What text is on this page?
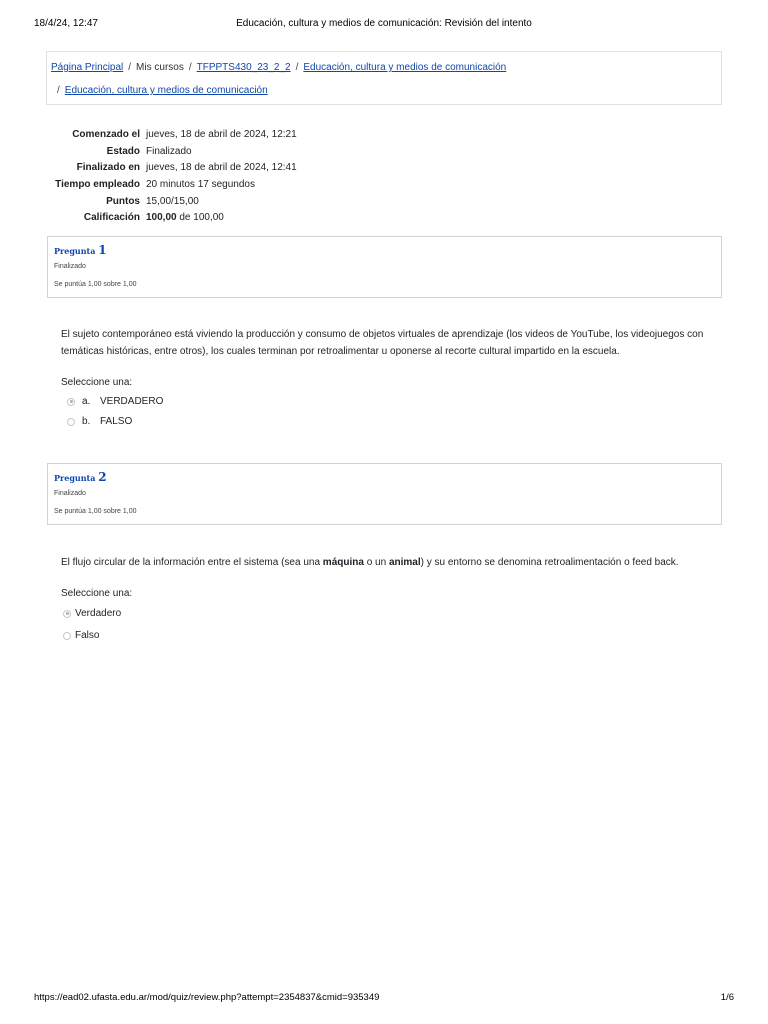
18/4/24, 12:47	Educación, cultura y medios de comunicación: Revisión del intento
Página Principal / Mis cursos / TFPPTS430_23_2_2 / Educación, cultura y medios de comunicación
/ Educación, cultura y medios de comunicación
Comenzado el	jueves, 18 de abril de 2024, 12:21
Estado	Finalizado
Finalizado en	jueves, 18 de abril de 2024, 12:41
Tiempo empleado	20 minutos 17 segundos
Puntos	15,00/15,00
Calificación	100,00 de 100,00
Pregunta 1
Finalizado
Se puntúa 1,00 sobre 1,00
El sujeto contemporáneo está viviendo la producción y consumo de objetos virtuales de aprendizaje (los videos de YouTube, los videojuegos con temáticas históricas, entre otros), los cuales terminan por retroalimentar u oponerse al recorte cultural impartido en la escuela.
Seleccione una:
a. VERDADERO
b. FALSO
Pregunta 2
Finalizado
Se puntúa 1,00 sobre 1,00
El flujo circular de la información entre el sistema (sea una máquina o un animal) y su entorno se denomina retroalimentación o feed back.
Seleccione una:
Verdadero
Falso
https://ead02.ufasta.edu.ar/mod/quiz/review.php?attempt=2354837&cmid=935349	1/6
